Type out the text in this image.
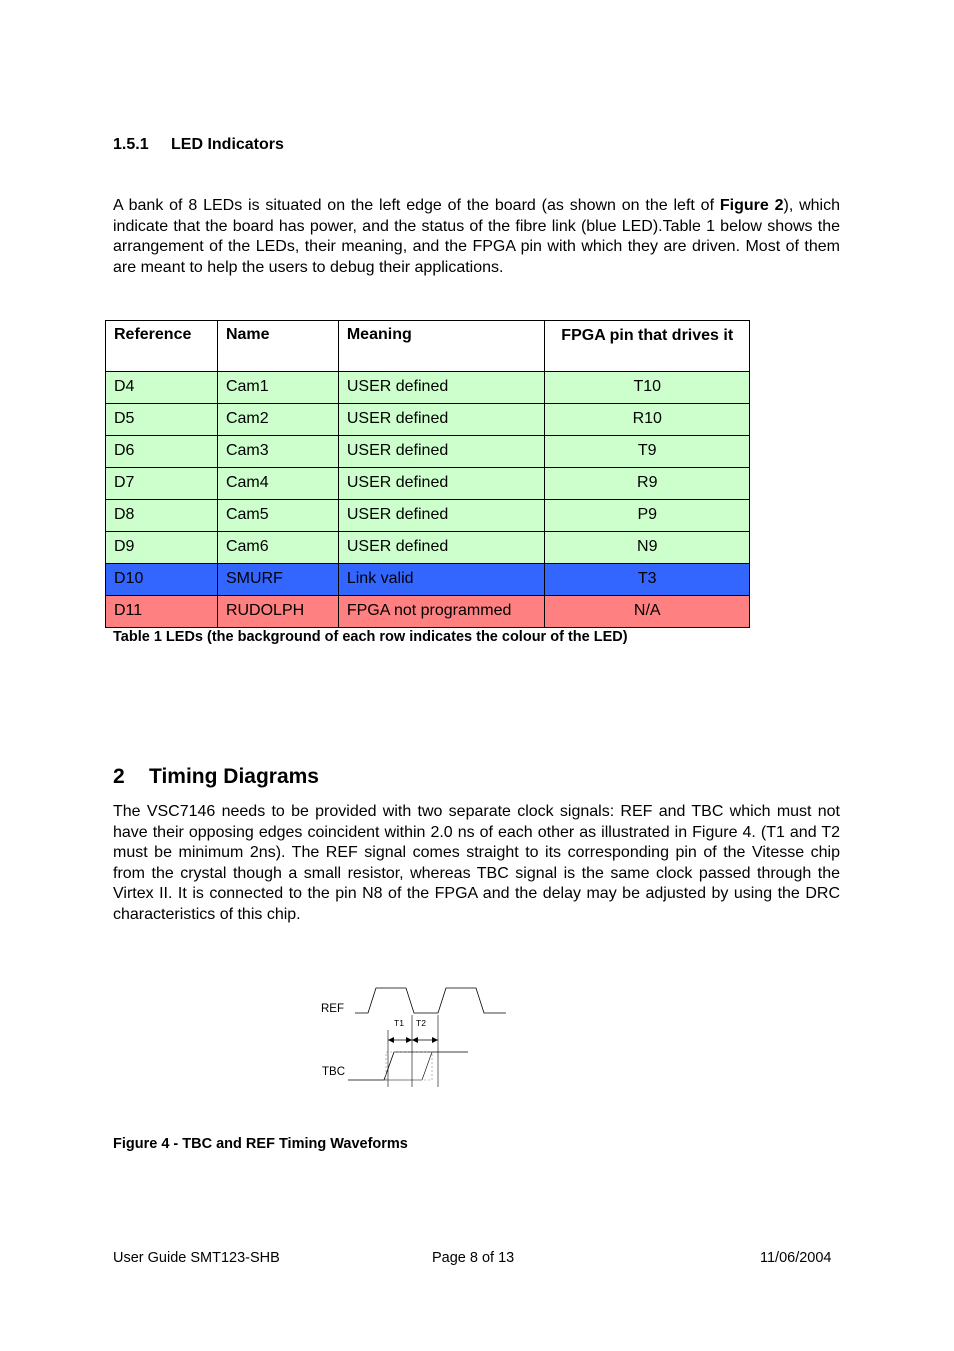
1.5.1 LED Indicators
A bank of 8 LEDs is situated on the left edge of the board (as shown on the left of Figure 2), which indicate that the board has power, and the status of the fibre link (blue LED).Table 1 below shows the arrangement of the LEDs, their meaning, and the FPGA pin with which they are driven. Most of them are meant to help the users to debug their applications.
Reference	Name	Meaning	FPGA pin that drives it
D4	Cam1	USER defined	T10
D5	Cam2	USER defined	R10
D6	Cam3	USER defined	T9
D7	Cam4	USER defined	R9
D8	Cam5	USER defined	P9
D9	Cam6	USER defined	N9
D10	SMURF	Link valid	T3
D11	RUDOLPH	FPGA not programmed	N/A
Table 1 LEDs (the background of each row indicates the colour of the LED)
2 Timing Diagrams
The VSC7146 needs to be provided with two separate clock signals: REF and TBC which must not have their opposing edges coincident within 2.0 ns of each other as illustrated in Figure 4. (T1 and T2 must be minimum 2ns). The REF signal comes straight to its corresponding pin of the Vitesse chip from the crystal though a small resistor, whereas TBC signal is the same clock passed through the Virtex II. It is connected to the pin N8 of the FPGA and the delay may be adjusted by using the DRC characteristics of this chip.
REF
TBC
T1 T2
Figure 4 - TBC and REF Timing Waveforms
User Guide SMT123-SHB	Page 8 of 13	11/06/2004
